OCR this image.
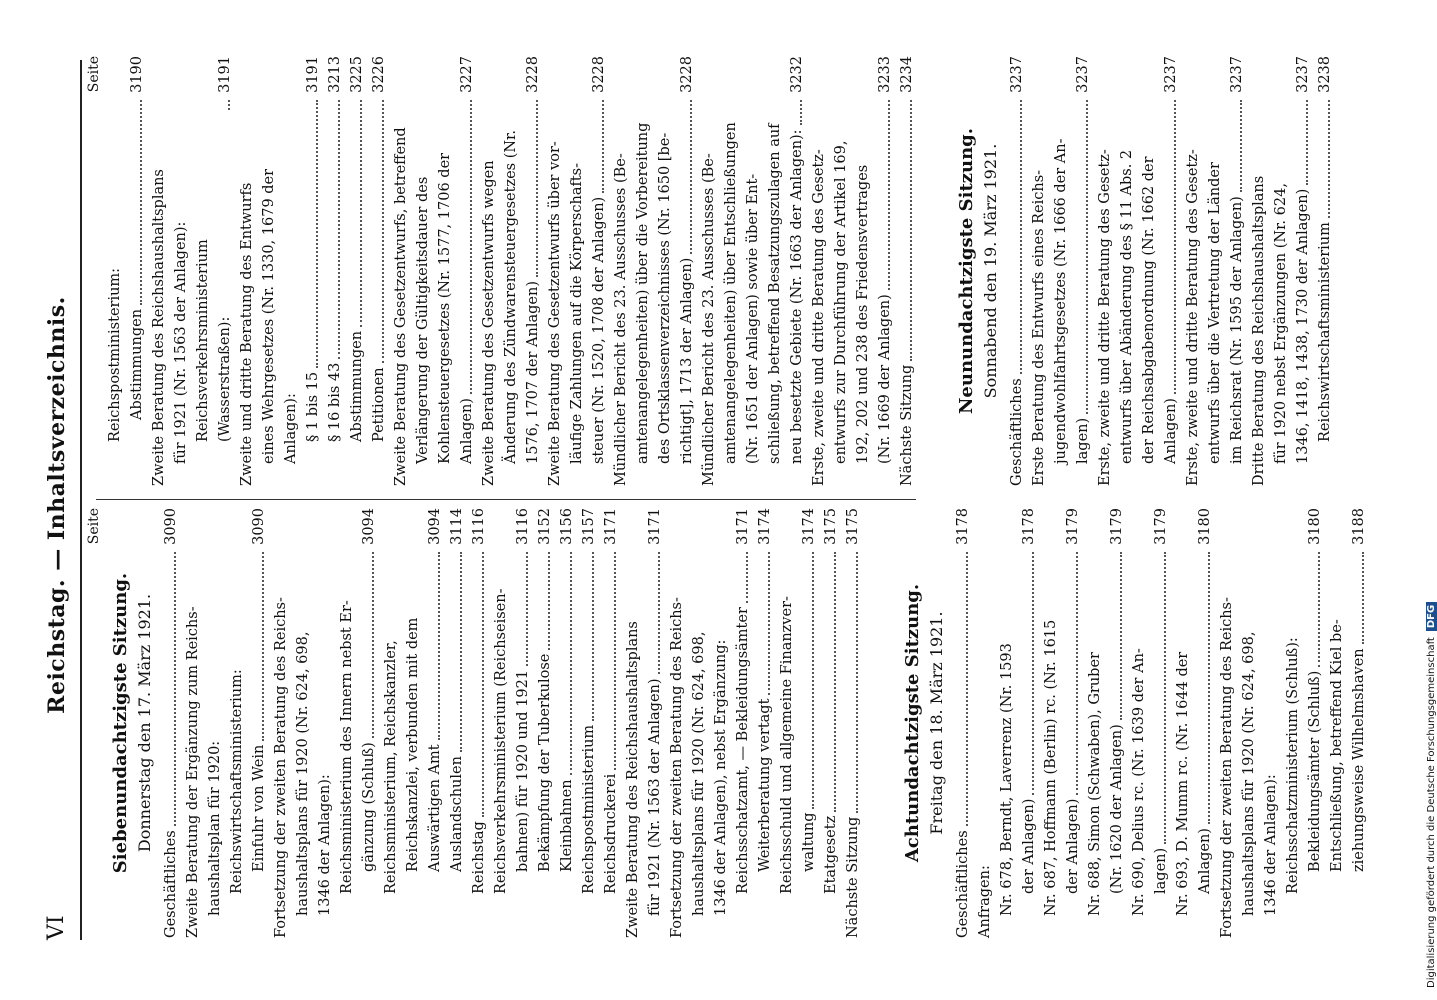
VI
Reichstag. — Inhaltsverzeichnis. Seite
Siebenundachtzigste Sitzung. Donnerstag den 17. März 1921.
Geschäftliches
3090
Zweite Beratung der Ergänzung zum Reichs- haushaltsplan für 1920: Reichswirtschaftsministerium: Einfuhr von Wein
3090
Fortsetzung der zweiten Beratung des Reichs- haushaltsplans für 1920 (Nr. 624, 698, 1346 der Anlagen): Reichsministerium des Innern nebst Er- gänzung (Schluß)
3094
Reichsministerium, Reichskanzler, Reichskanzlei, verbunden mit dem Auswärtigen Amt
3094
Auslandschulen
3114
Reichstag
3116
Reichsverkehrsministerium (Reichseisen- bahnen) für 1920 und 1921
3116
Bekämpfung der Tuberkulose
3152
Kleinbahnen
3156
Reichspostministerium
3157
Reichsdruckerei
3171
Zweite Beratung des Reichshaushaltsplans für 1921 (Nr. 1563 der Anlagen)
3171
Fortsetzung der zweiten Beratung des Reichs- haushaltsplans für 1920 (Nr. 624, 698, 1346 der Anlagen), nebst Ergänzung: Reichsschatzamt, — Bekleidungsämter
3171
Weiterberatung vertagt
3174
Reichsschuld und allgemeine Finanzver- waltung
3174
Etatgesetz
3175
Nächste Sitzung
3175
Achtundachtzigste Sitzung. Freitag den 18. März 1921.
Geschäftliches
3178
Anfragen: Nr. 678, Berndt, Laverrenz (Nr. 1593 der Anlagen)
3178
Nr. 687, Hoffmann (Berlin) rc. (Nr. 1615 der Anlagen)
3179
Nr. 688, Simon (Schwaben), Gruber (Nr. 1620 der Anlagen)
3179
Nr. 690, Delius rc. (Nr. 1639 der An- lagen)
3179
Nr. 693, D. Mumm rc. (Nr. 1644 der Anlagen)
3180
Fortsetzung der zweiten Beratung des Reichs- haushaltsplans für 1920 (Nr. 624, 698, 1346 der Anlagen): Reichsschatzministerium (Schluß): Bekleidungsämter (Schluß)
3180
Entschließung, betreffend Kiel be- ziehungsweise Wilhelmshaven
3188
Seite
Reichspostministerium: Abstimmungen
3190
Zweite Beratung des Reichshaushaltsplans für 1921 (Nr. 1563 der Anlagen): Reichsverkehrsministerium (Wasserstraßen):
3191
Zweite und dritte Beratung des Entwurfs eines Wehrgesetzes (Nr. 1330, 1679 der Anlagen): § 1 bis 15
3191
§ 16 bis 43
3213
Abstimmungen
3225
Petitionen
3226
Zweite Beratung des Gesetzentwurfs, betreffend Verlängerung der Gültigkeitsdauer des Kohlensteuergesetzes (Nr. 1577, 1706 der Anlagen)
3227
Zweite Beratung des Gesetzentwurfs wegen Änderung des Zündwarensteuergesetzes (Nr. 1576, 1707 der Anlagen)
3228
Zweite Beratung des Gesetzentwurfs über vor- läufige Zahlungen auf die Körperschafts- steuer (Nr. 1520, 1708 der Anlagen)
3228
Mündlicher Bericht des 23. Ausschusses (Be- amtenangelegenheiten) über die Vorbereitung des Ortsklassenverzeichnisses (Nr. 1650 [be- richtigt], 1713 der Anlagen)
3228
Mündlicher Bericht des 23. Ausschusses (Be- amtenangelegenheiten) über Entschließungen (Nr. 1651 der Anlagen) sowie über Ent- schließung, betreffend Besatzungszulagen auf neu besetzte Gebiete (Nr. 1663 der Anlagen):
3232
Erste, zweite und dritte Beratung des Gesetz- entwurfs zur Durchführung der Artikel 169, 192, 202 und 238 des Friedensvertrages (Nr. 1669 der Anlagen)
3233
Nächste Sitzung
3234
Neunundachtzigste Sitzung. Sonnabend den 19. März 1921.
Geschäftliches
3237
Erste Beratung des Entwurfs eines Reichs- jugendwohlfahrtsgesetzes (Nr. 1666 der An- lagen)
3237
Erste, zweite und dritte Beratung des Gesetz- entwurfs über Abänderung des § 11 Abs. 2 der Reichsabgabenordnung (Nr. 1662 der Anlagen)
3237
Erste, zweite und dritte Beratung des Gesetz- entwurfs über die Vertretung der Länder im Reichsrat (Nr. 1595 der Anlagen)
3237
Dritte Beratung des Reichshaushaltsplans für 1920 nebst Ergänzungen (Nr. 624, 1346, 1418, 1438, 1730 der Anlagen)
3237
Reichswirtschaftsministerium
3238
Digitalisierung gefördert durch die Deutsche Forschungsgemeinschaft
DFG
